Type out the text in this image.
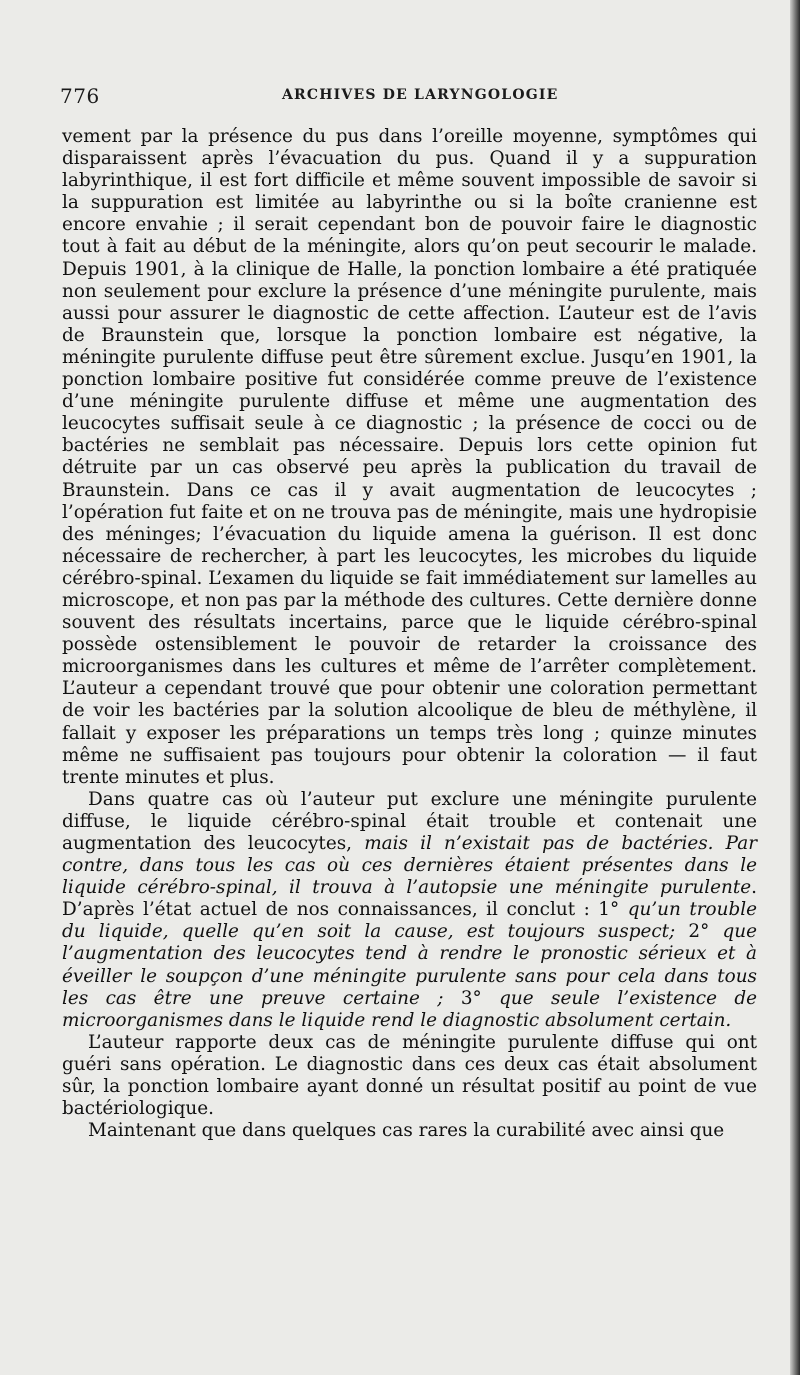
776	ARCHIVES DE LARYNGOLOGIE

vement par la présence du pus dans l’oreille moyenne, symptômes qui disparaissent après l’évacuation du pus. Quand il y a suppuration labyrinthique, il est fort difficile et même souvent impossible de savoir si la suppuration est limitée au labyrinthe ou si la boîte cranienne est encore envahie ; il serait cependant bon de pouvoir faire le diagnostic tout à fait au début de la méningite, alors qu’on peut secourir le malade. Depuis 1901, à la clinique de Halle, la ponction lombaire a été pratiquée non seulement pour exclure la présence d’une méningite purulente, mais aussi pour assurer le diagnostic de cette affection. L’auteur est de l’avis de Braunstein que, lorsque la ponction lombaire est négative, la méningite purulente diffuse peut être sûrement exclue. Jusqu’en 1901, la ponction lombaire positive fut considérée comme preuve de l’existence d’une méningite purulente diffuse et même une augmentation des leucocytes suffisait seule à ce diagnostic ; la présence de cocci ou de bactéries ne semblait pas nécessaire. Depuis lors cette opinion fut détruite par un cas observé peu après la publication du travail de Braunstein. Dans ce cas il y avait augmentation de leucocytes ; l’opération fut faite et on ne trouva pas de méningite, mais une hydropisie des méninges; l’évacuation du liquide amena la guérison. Il est donc nécessaire de rechercher, à part les leucocytes, les microbes du liquide cérébro-spinal. L’examen du liquide se fait immédiatement sur lamelles au microscope, et non pas par la méthode des cultures. Cette dernière donne souvent des résultats incertains, parce que le liquide cérébro-spinal possède ostensiblement le pouvoir de retarder la croissance des microorganismes dans les cultures et même de l’arrêter complètement. L’auteur a cependant trouvé que pour obtenir une coloration permettant de voir les bactéries par la solution alcoolique de bleu de méthylène, il fallait y exposer les préparations un temps très long ; quinze minutes même ne suffisaient pas toujours pour obtenir la coloration — il faut trente minutes et plus.

Dans quatre cas où l’auteur put exclure une méningite purulente diffuse, le liquide cérébro-spinal était trouble et contenait une augmentation des leucocytes, mais il n’existait pas de bactéries. Par contre, dans tous les cas où ces dernières étaient présentes dans le liquide cérébro-spinal, il trouva à l’autopsie une méningite purulente. D’après l’état actuel de nos connaissances, il conclut : 1° qu’un trouble du liquide, quelle qu’en soit la cause, est toujours suspect; 2° que l’augmentation des leucocytes tend à rendre le pronostic sérieux et à éveiller le soupçon d’une méningite purulente sans pour cela dans tous les cas être une preuve certaine ; 3° que seule l’existence de microorganismes dans le liquide rend le diagnostic absolument certain.

L’auteur rapporte deux cas de méningite purulente diffuse qui ont guéri sans opération. Le diagnostic dans ces deux cas était absolument sûr, la ponction lombaire ayant donné un résultat positif au point de vue bactériologique.

Maintenant que dans quelques cas rares la curabilité avec ainsi que
